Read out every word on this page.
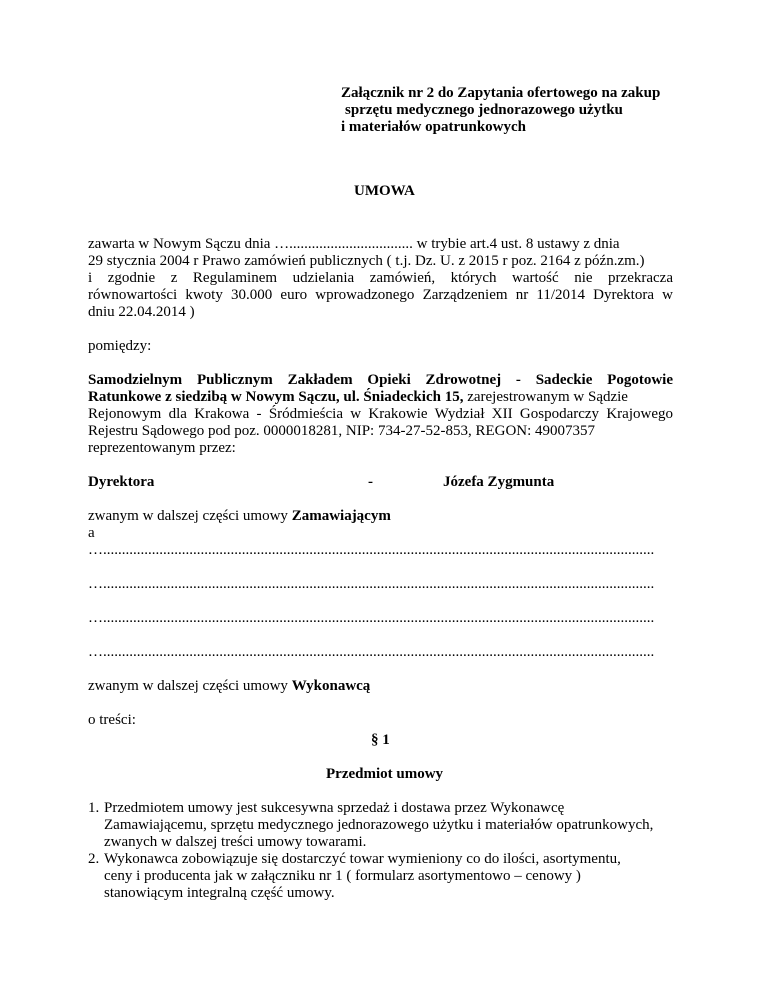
Załącznik nr 2 do Zapytania ofertowego na zakup
sprzętu medycznego jednorazowego użytku
i materiałów opatrunkowych
UMOWA
zawarta w Nowym Sączu dnia …................................. w trybie art.4 ust. 8 ustawy z dnia
29 stycznia 2004 r Prawo zamówień publicznych ( t.j. Dz. U. z 2015 r poz. 2164 z późn.zm.)
i zgodnie z Regulaminem udzielania zamówień, których wartość nie przekracza
równowartości kwoty 30.000 euro wprowadzonego Zarządzeniem nr 11/2014 Dyrektora w
dniu 22.04.2014 )
pomiędzy:
Samodzielnym Publicznym Zakładem Opieki Zdrowotnej - Sadeckie Pogotowie
Ratunkowe z siedzibą w Nowym Sączu, ul. Śniadeckich 15, zarejestrowanym w Sądzie
Rejonowym dla Krakowa - Śródmieścia w Krakowie Wydział XII Gospodarczy Krajowego
Rejestru Sądowego pod poz. 0000018281, NIP: 734-27-52-853, REGON: 49007357
reprezentowanym przez:
Dyrektora	-	Józefa Zygmunta
zwanym w dalszej części umowy Zamawiającym
a
…...................................................................................................................................................
…...................................................................................................................................................
…...................................................................................................................................................
…...................................................................................................................................................
zwanym w dalszej części umowy Wykonawcą
o treści:
§ 1
Przedmiot umowy
1. Przedmiotem umowy jest sukcesywna sprzedaż i dostawa przez Wykonawcę
Zamawiającemu, sprzętu medycznego jednorazowego użytku i materiałów opatrunkowych,
zwanych w dalszej treści umowy towarami.
2. Wykonawca zobowiązuje się dostarczyć towar wymieniony co do ilości, asortymentu,
ceny i producenta jak w załączniku nr 1 ( formularz asortymentowo – cenowy )
stanowiącym integralną część umowy.
